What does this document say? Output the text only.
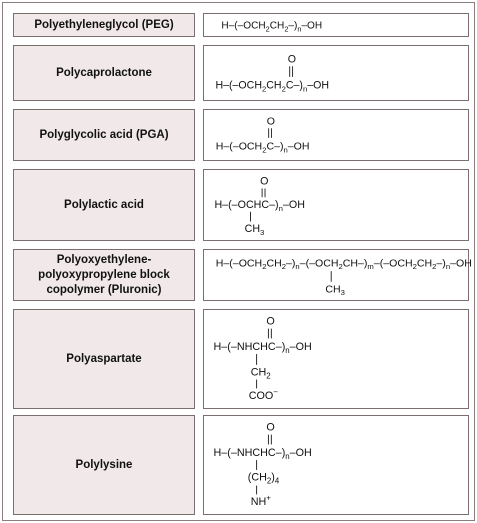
Polyethyleneglycol (PEG)	$H-(-OCH_2CH_2-)_n-OH$
Polycaprolactone
O
$H-(-OCH_2CH_2C-)_n-OH$
Polyglycolic acid (PGA)
O
$H-(-OCH_2C-)_n-OH$
Polylactic acid
O
$H-(-OCHC-)_n-OH$
$CH_3$
Polyoxyethylene-polyoxypropylene block copolymer (Pluronic)
$H-(-OCH_2CH_2-)_n-(-OCH_2CH-)_m-(-OCH_2CH_2-)_n-OH$
$CH_3$
Polyaspartate
O
$H-(-NHCHC-)_n-OH$
$CH_2$
COO−
Polylysine
O
$H-(-NHCHC-)_n-OH$
$(CH_2)_4$
NH+
